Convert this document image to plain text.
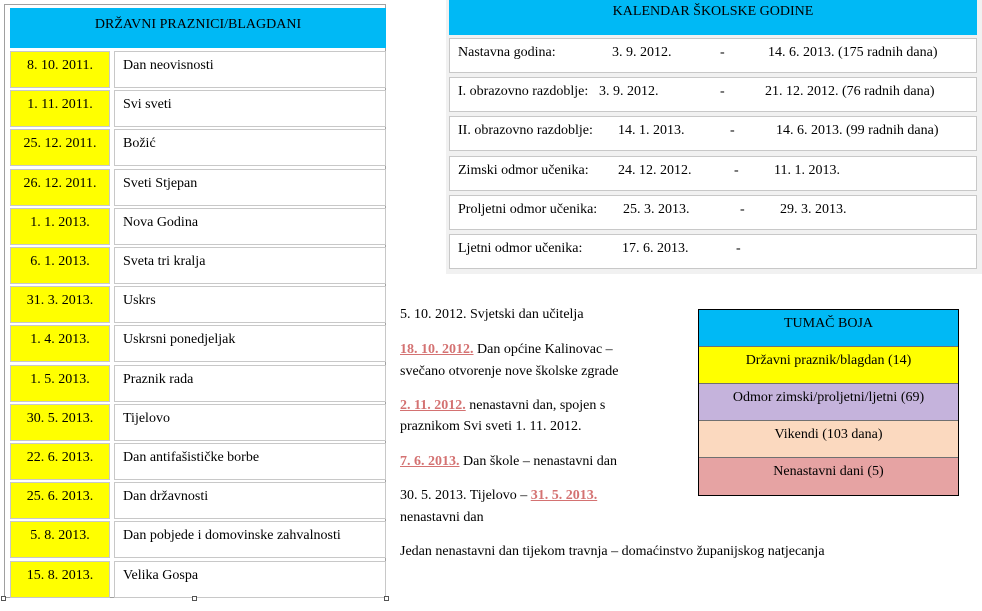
DRŽAVNI PRAZNICI/BLAGDANI
8. 10. 2011.	Dan neovisnosti
1. 11. 2011.	Svi sveti
25. 12. 2011.	Božić
26. 12. 2011.	Sveti Stjepan
1. 1. 2013.	Nova Godina
6. 1. 2013.	Sveta tri kralja
31. 3. 2013.	Uskrs
1. 4. 2013.	Uskrsni ponedjeljak
1. 5. 2013.	Praznik rada
30. 5. 2013.	Tijelovo
22. 6. 2013.	Dan antifašističke borbe
25. 6. 2013.	Dan državnosti
5. 8. 2013.	Dan pobjede i domovinske zahvalnosti
15. 8. 2013.	Velika Gospa
KALENDAR ŠKOLSKE GODINE
Nastavna godina:	3. 9. 2012.	-	14. 6. 2013. (175 radnih dana)
I. obrazovno razdoblje: 3. 9. 2012.	-	21. 12. 2012. (76 radnih dana)
II. obrazovno razdoblje: 14. 1. 2013.	-	14. 6. 2013. (99 radnih dana)
Zimski odmor učenika: 24. 12. 2012.	-	11. 1. 2013.
Proljetni odmor učenika: 25. 3. 2013.	-	29. 3. 2013.
Ljetni odmor učenika:	17. 6. 2013.	-
5. 10. 2012. Svjetski dan učitelja
18. 10. 2012. Dan općine Kalinovac –
svečano otvorenje nove školske zgrade
2. 11. 2012. nenastavni dan, spojen s
praznikom Svi sveti 1. 11. 2012.
7. 6. 2013. Dan škole – nenastavni dan
30. 5. 2013. Tijelovo – 31. 5. 2013.
nenastavni dan
Jedan nenastavni dan tijekom travnja – domaćinstvo županijskog natjecanja
TUMAČ BOJA
Državni praznik/blagdan (14)
Odmor zimski/proljetni/ljetni (69)
Vikendi (103 dana)
Nenastavni dani (5)
